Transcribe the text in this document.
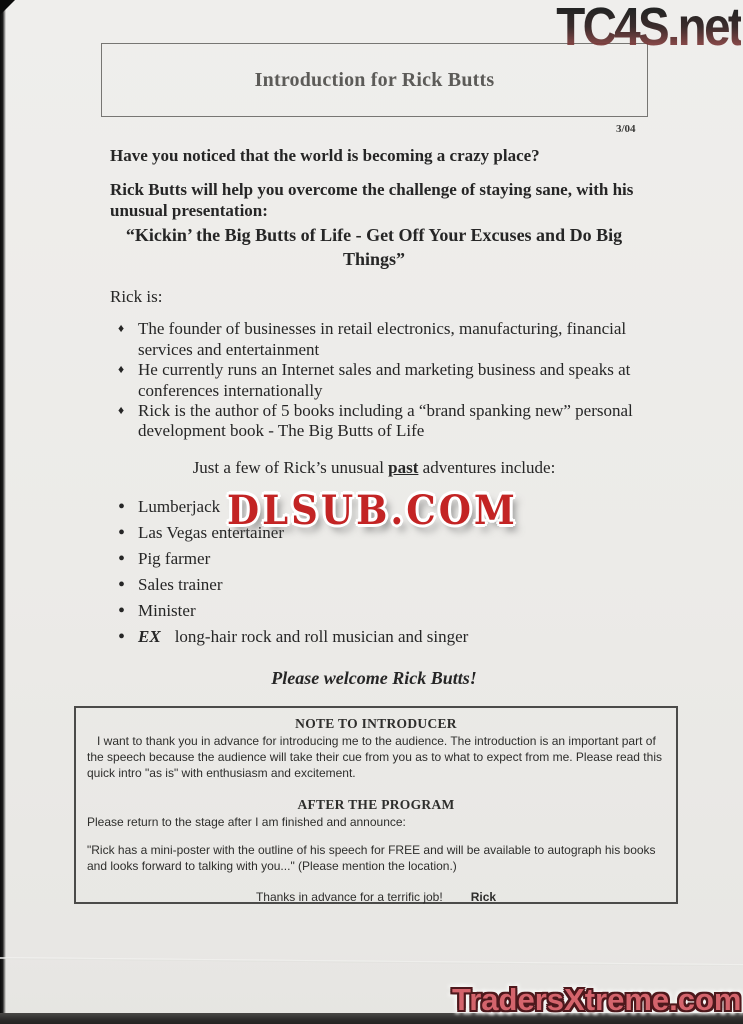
TC4S.net
DLSUB.COM
TradersXtreme.com
Introduction for Rick Butts
3/04

Have you noticed that the world is becoming a crazy place?

Rick Butts will help you overcome the challenge of staying sane, with his unusual presentation:

“Kickin’ the Big Butts of Life - Get Off Your Excuses and Do Big Things”

Rick is:

♦ The founder of businesses in retail electronics, manufacturing, financial services and entertainment
♦ He currently runs an Internet sales and marketing business and speaks at conferences internationally
♦ Rick is the author of 5 books including a “brand spanking new” personal development book - The Big Butts of Life

Just a few of Rick’s unusual past adventures include:

• Lumberjack
• Las Vegas entertainer
• Pig farmer
• Sales trainer
• Minister
• EX long-hair rock and roll musician and singer

Please welcome Rick Butts!

NOTE TO INTRODUCER

I want to thank you in advance for introducing me to the audience. The introduction is an important part of the speech because the audience will take their cue from you as to what to expect from me. Please read this quick intro "as is" with enthusiasm and excitement.

AFTER THE PROGRAM

Please return to the stage after I am finished and announce:

"Rick has a mini-poster with the outline of his speech for FREE and will be available to autograph his books and looks forward to talking with you..." (Please mention the location.)

Thanks in advance for a terrific job! Rick
